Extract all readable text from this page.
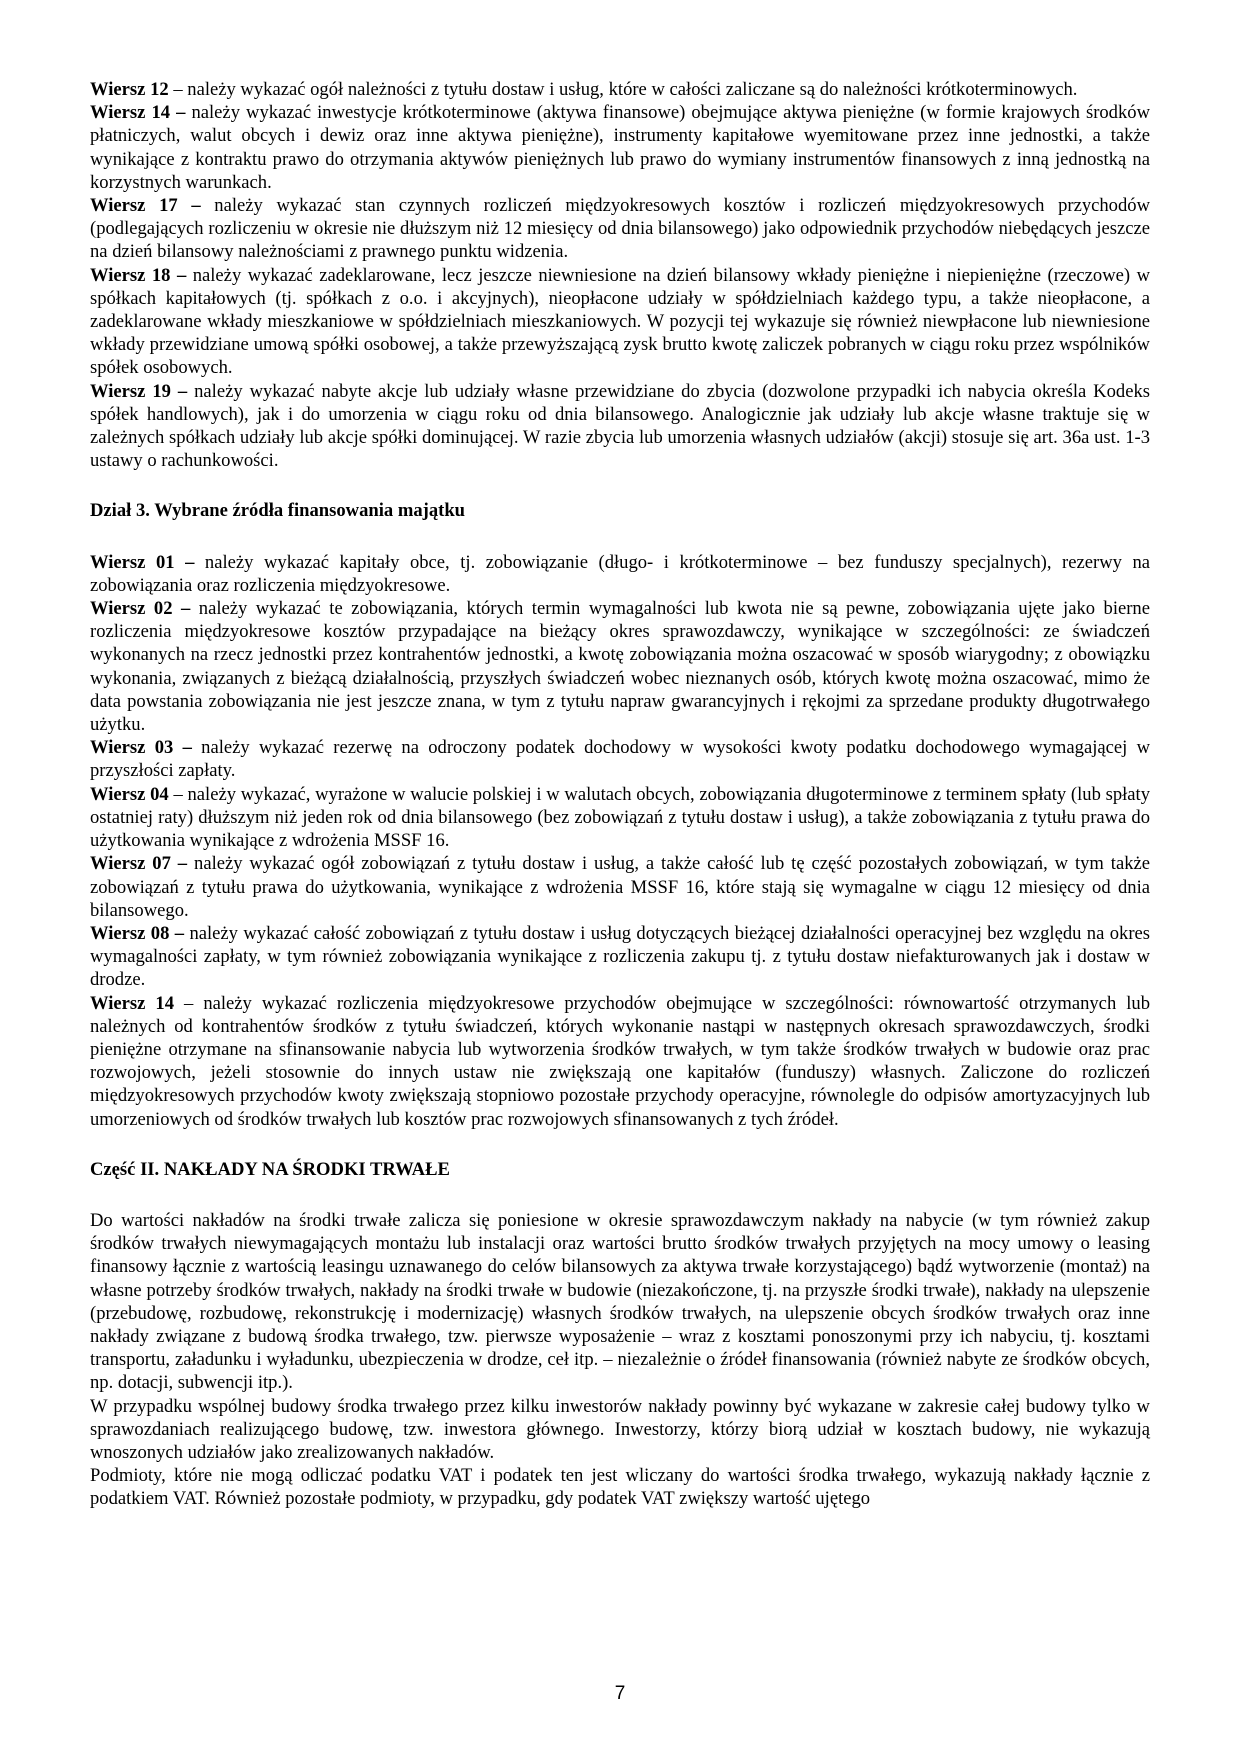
Wiersz 12 – należy wykazać ogół należności z tytułu dostaw i usług, które w całości zaliczane są do należności krótkoterminowych.

Wiersz 14 – należy wykazać inwestycje krótkoterminowe (aktywa finansowe) obejmujące aktywa pieniężne (w formie krajowych środków płatniczych, walut obcych i dewiz oraz inne aktywa pieniężne), instrumenty kapitałowe wyemitowane przez inne jednostki, a także wynikające z kontraktu prawo do otrzymania aktywów pieniężnych lub prawo do wymiany instrumentów finansowych z inną jednostką na korzystnych warunkach.

Wiersz 17 – należy wykazać stan czynnych rozliczeń międzyokresowych kosztów i rozliczeń międzyokresowych przychodów (podlegających rozliczeniu w okresie nie dłuższym niż 12 miesięcy od dnia bilansowego) jako odpowiednik przychodów niebędących jeszcze na dzień bilansowy należnościami z prawnego punktu widzenia.

Wiersz 18 – należy wykazać zadeklarowane, lecz jeszcze niewniesione na dzień bilansowy wkłady pieniężne i niepieniężne (rzeczowe) w spółkach kapitałowych (tj. spółkach z o.o. i akcyjnych), nieopłacone udziały w spółdzielniach każdego typu, a także nieopłacone, a zadeklarowane wkłady mieszkaniowe w spółdzielniach mieszkaniowych. W pozycji tej wykazuje się również niewpłacone lub niewniesione wkłady przewidziane umową spółki osobowej, a także przewyższającą zysk brutto kwotę zaliczek pobranych w ciągu roku przez wspólników spółek osobowych.

Wiersz 19 – należy wykazać nabyte akcje lub udziały własne przewidziane do zbycia (dozwolone przypadki ich nabycia określa Kodeks spółek handlowych), jak i do umorzenia w ciągu roku od dnia bilansowego. Analogicznie jak udziały lub akcje własne traktuje się w zależnych spółkach udziały lub akcje spółki dominującej. W razie zbycia lub umorzenia własnych udziałów (akcji) stosuje się art. 36a ust. 1-3 ustawy o rachunkowości.

Dział 3. Wybrane źródła finansowania majątku

Wiersz 01 – należy wykazać kapitały obce, tj. zobowiązanie (długo- i krótkoterminowe – bez funduszy specjalnych), rezerwy na zobowiązania oraz rozliczenia międzyokresowe.

Wiersz 02 – należy wykazać te zobowiązania, których termin wymagalności lub kwota nie są pewne, zobowiązania ujęte jako bierne rozliczenia międzyokresowe kosztów przypadające na bieżący okres sprawozdawczy, wynikające w szczególności: ze świadczeń wykonanych na rzecz jednostki przez kontrahentów jednostki, a kwotę zobowiązania można oszacować w sposób wiarygodny; z obowiązku wykonania, związanych z bieżącą działalnością, przyszłych świadczeń wobec nieznanych osób, których kwotę można oszacować, mimo że data powstania zobowiązania nie jest jeszcze znana, w tym z tytułu napraw gwarancyjnych i rękojmi za sprzedane produkty długotrwałego użytku.

Wiersz 03 – należy wykazać rezerwę na odroczony podatek dochodowy w wysokości kwoty podatku dochodowego wymagającej w przyszłości zapłaty.

Wiersz 04 – należy wykazać, wyrażone w walucie polskiej i w walutach obcych, zobowiązania długoterminowe z terminem spłaty (lub spłaty ostatniej raty) dłuższym niż jeden rok od dnia bilansowego (bez zobowiązań z tytułu dostaw i usług), a także zobowiązania z tytułu prawa do użytkowania wynikające z wdrożenia MSSF 16.

Wiersz 07 – należy wykazać ogół zobowiązań z tytułu dostaw i usług, a także całość lub tę część pozostałych zobowiązań, w tym także zobowiązań z tytułu prawa do użytkowania, wynikające z wdrożenia MSSF 16, które stają się wymagalne w ciągu 12 miesięcy od dnia bilansowego.

Wiersz 08 – należy wykazać całość zobowiązań z tytułu dostaw i usług dotyczących bieżącej działalności operacyjnej bez względu na okres wymagalności zapłaty, w tym również zobowiązania wynikające z rozliczenia zakupu tj. z tytułu dostaw niefakturowanych jak i dostaw w drodze.

Wiersz 14 – należy wykazać rozliczenia międzyokresowe przychodów obejmujące w szczególności: równowartość otrzymanych lub należnych od kontrahentów środków z tytułu świadczeń, których wykonanie nastąpi w następnych okresach sprawozdawczych, środki pieniężne otrzymane na sfinansowanie nabycia lub wytworzenia środków trwałych, w tym także środków trwałych w budowie oraz prac rozwojowych, jeżeli stosownie do innych ustaw nie zwiększają one kapitałów (funduszy) własnych. Zaliczone do rozliczeń międzyokresowych przychodów kwoty zwiększają stopniowo pozostałe przychody operacyjne, równolegle do odpisów amortyzacyjnych lub umorzeniowych od środków trwałych lub kosztów prac rozwojowych sfinansowanych z tych źródeł.

Część II. NAKŁADY NA ŚRODKI TRWAŁE

Do wartości nakładów na środki trwałe zalicza się poniesione w okresie sprawozdawczym nakłady na nabycie (w tym również zakup środków trwałych niewymagających montażu lub instalacji oraz wartości brutto środków trwałych przyjętych na mocy umowy o leasing finansowy łącznie z wartością leasingu uznawanego do celów bilansowych za aktywa trwałe korzystającego) bądź wytworzenie (montaż) na własne potrzeby środków trwałych, nakłady na środki trwałe w budowie (niezakończone, tj. na przyszłe środki trwałe), nakłady na ulepszenie (przebudowę, rozbudowę, rekonstrukcję i modernizację) własnych środków trwałych, na ulepszenie obcych środków trwałych oraz inne nakłady związane z budową środka trwałego, tzw. pierwsze wyposażenie – wraz z kosztami ponoszonymi przy ich nabyciu, tj. kosztami transportu, załadunku i wyładunku, ubezpieczenia w drodze, ceł itp. – niezależnie o źródeł finansowania (również nabyte ze środków obcych, np. dotacji, subwencji itp.).

W przypadku wspólnej budowy środka trwałego przez kilku inwestorów nakłady powinny być wykazane w zakresie całej budowy tylko w sprawozdaniach realizującego budowę, tzw. inwestora głównego. Inwestorzy, którzy biorą udział w kosztach budowy, nie wykazują wnoszonych udziałów jako zrealizowanych nakładów.

Podmioty, które nie mogą odliczać podatku VAT i podatek ten jest wliczany do wartości środka trwałego, wykazują nakłady łącznie z podatkiem VAT. Również pozostałe podmioty, w przypadku, gdy podatek VAT zwiększy wartość ujętego

7
